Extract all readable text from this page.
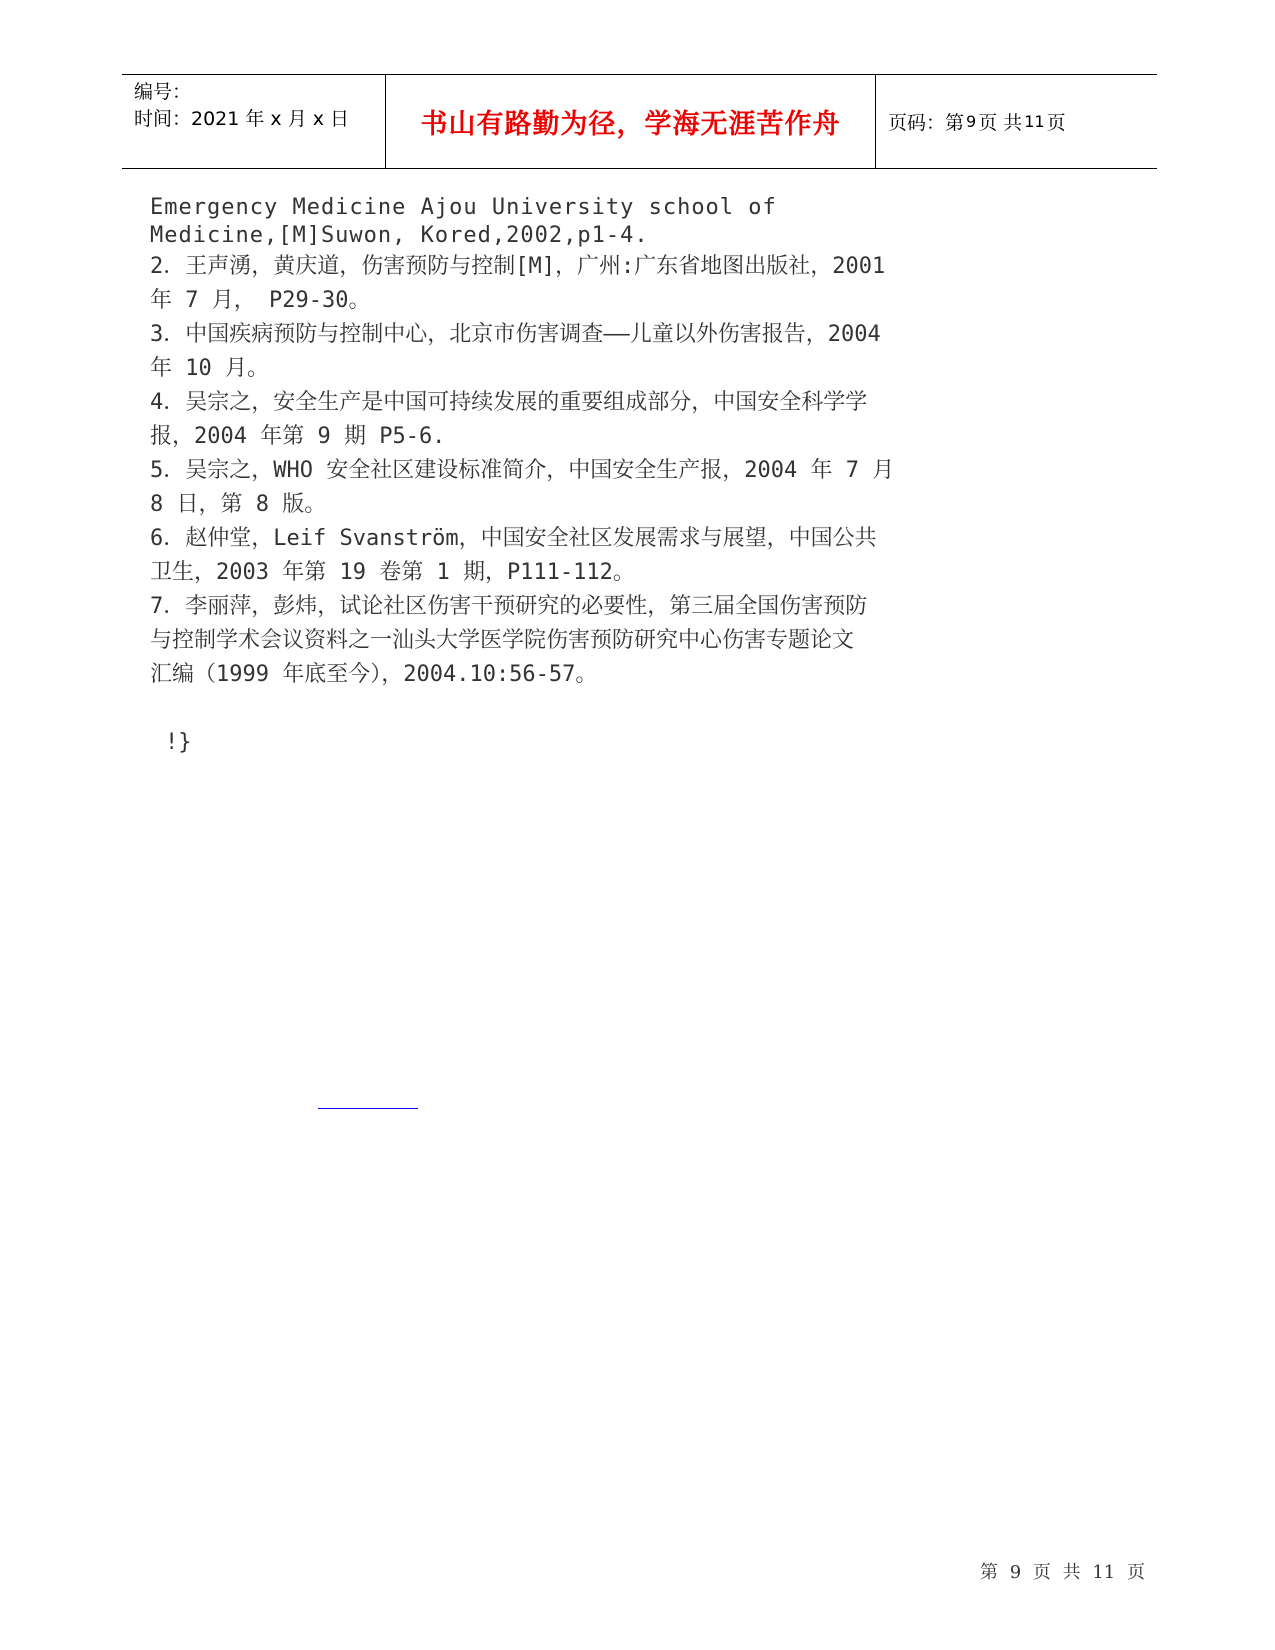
编号：
时间：2021 年 x 月 x 日	书山有路勤为径，学海无涯苦作舟	页码：第 9 页 共 11 页
Emergency Medicine Ajou University school of
Medicine,[M]Suwon, Kored,2002,p1-4.
2．王声湧，黄庆道，伤害预防与控制[M]，广州:广东省地图出版社，2001
年 7 月， P29-30。
3．中国疾病预防与控制中心，北京市伤害调查——儿童以外伤害报告，2004
年 10 月。
4．吴宗之，安全生产是中国可持续发展的重要组成部分，中国安全科学学
报，2004 年第 9 期 P5-6.
5．吴宗之，WHO 安全社区建设标准简介，中国安全生产报，2004 年 7 月
8 日，第 8 版。
6．赵仲堂，Leif Svanström，中国安全社区发展需求与展望，中国公共
卫生，2003 年第 19 卷第 1 期，P111-112。
7．李丽萍，彭炜，试论社区伤害干预研究的必要性，第三届全国伤害预防
与控制学术会议资料之一汕头大学医学院伤害预防研究中心伤害专题论文
汇编（1999 年底至今），2004.10:56-57。
!}
第 9 页 共 11 页
